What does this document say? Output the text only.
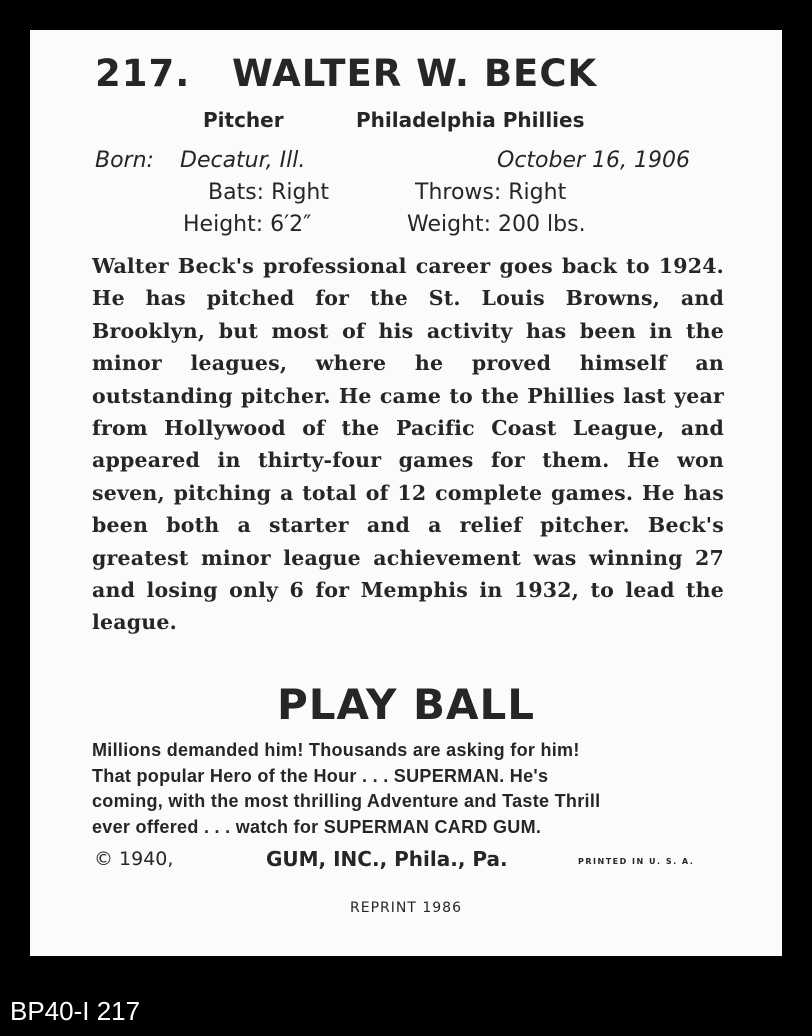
217. WALTER W. BECK
Pitcher	Philadelphia Phillies
Born: Decatur, Ill.	October 16, 1906
Bats: Right	Throws: Right
Height: 6′2″	Weight: 200 lbs.
Walter Beck's professional career goes back to 1924. He has pitched for the St. Louis Browns, and Brooklyn, but most of his activity has been in the minor leagues, where he proved himself an outstanding pitcher. He came to the Phillies last year from Hollywood of the Pacific Coast League, and appeared in thirty-four games for them. He won seven, pitching a total of 12 complete games. He has been both a starter and a relief pitcher. Beck's greatest minor league achievement was winning 27 and losing only 6 for Memphis in 1932, to lead the league.
PLAY BALL
Millions demanded him! Thousands are asking for him!
That popular Hero of the Hour . . . SUPERMAN. He's
coming, with the most thrilling Adventure and Taste Thrill
ever offered . . . watch for SUPERMAN CARD GUM.
© 1940,	GUM, INC., Phila., Pa.	PRINTED IN U. S. A.
REPRINT 1986
BP40-I 217
